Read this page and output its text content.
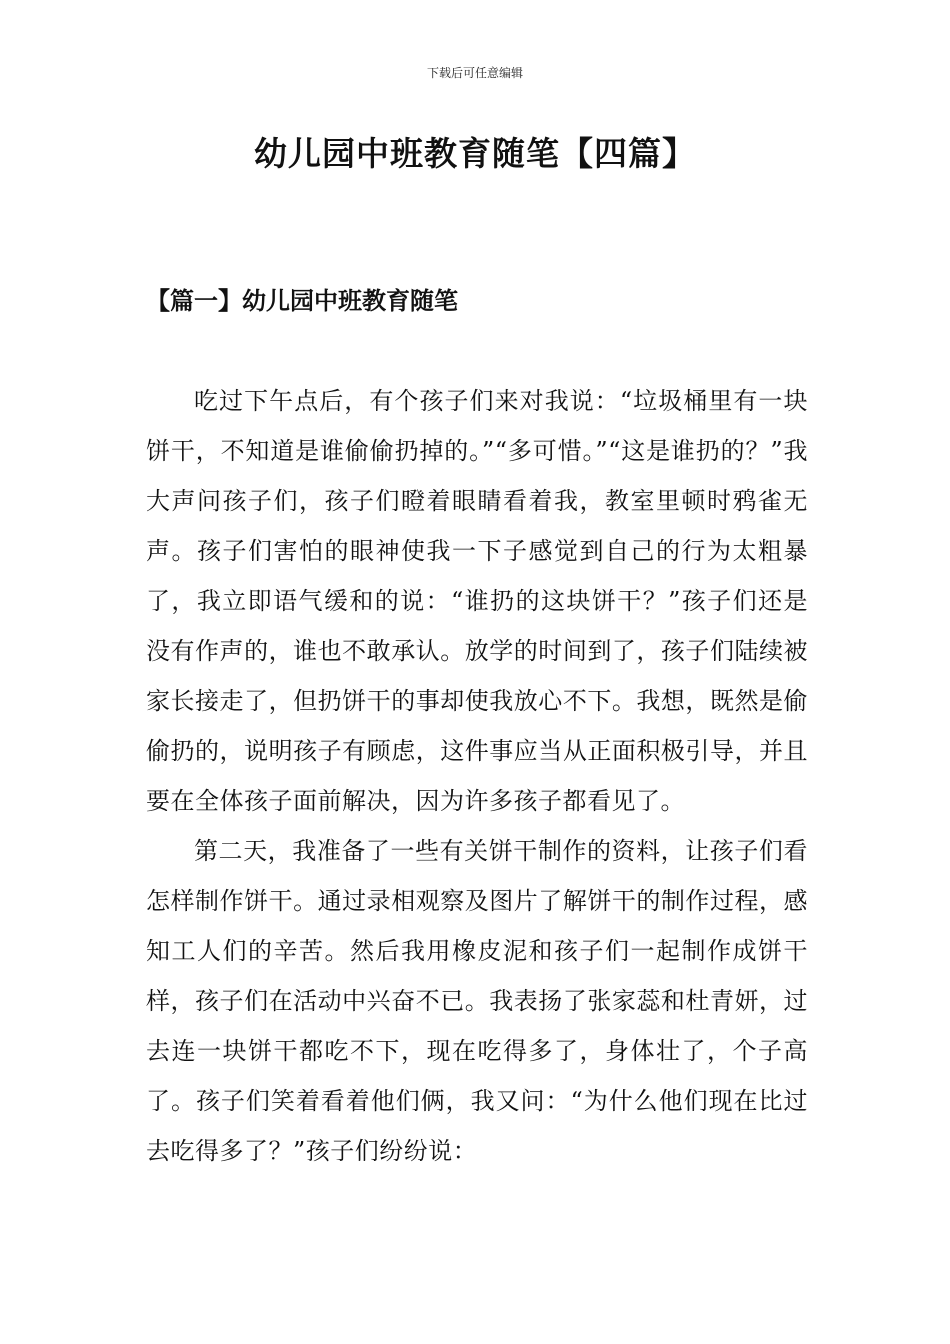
下载后可任意编辑
幼儿园中班教育随笔【四篇】
【篇一】幼儿园中班教育随笔

吃过下午点后，有个孩子们来对我说：“垃圾桶里有一块饼干，不知道是谁偷偷扔掉的。”“多可惜。”“这是谁扔的？”我大声问孩子们，孩子们瞪着眼睛看着我，教室里顿时鸦雀无声。孩子们害怕的眼神使我一下子感觉到自己的行为太粗暴了，我立即语气缓和的说：“谁扔的这块饼干？”孩子们还是没有作声的，谁也不敢承认。放学的时间到了，孩子们陆续被家长接走了，但扔饼干的事却使我放心不下。我想，既然是偷偷扔的，说明孩子有顾虑，这件事应当从正面积极引导，并且要在全体孩子面前解决，因为许多孩子都看见了。

第二天，我准备了一些有关饼干制作的资料，让孩子们看怎样制作饼干。通过录相观察及图片了解饼干的制作过程，感知工人们的辛苦。然后我用橡皮泥和孩子们一起制作成饼干样，孩子们在活动中兴奋不已。我表扬了张家蕊和杜青妍，过去连一块饼干都吃不下，现在吃得多了，身体壮了，个子高了。孩子们笑着看着他们俩，我又问：“为什么他们现在比过去吃得多了？”孩子们纷纷说：
